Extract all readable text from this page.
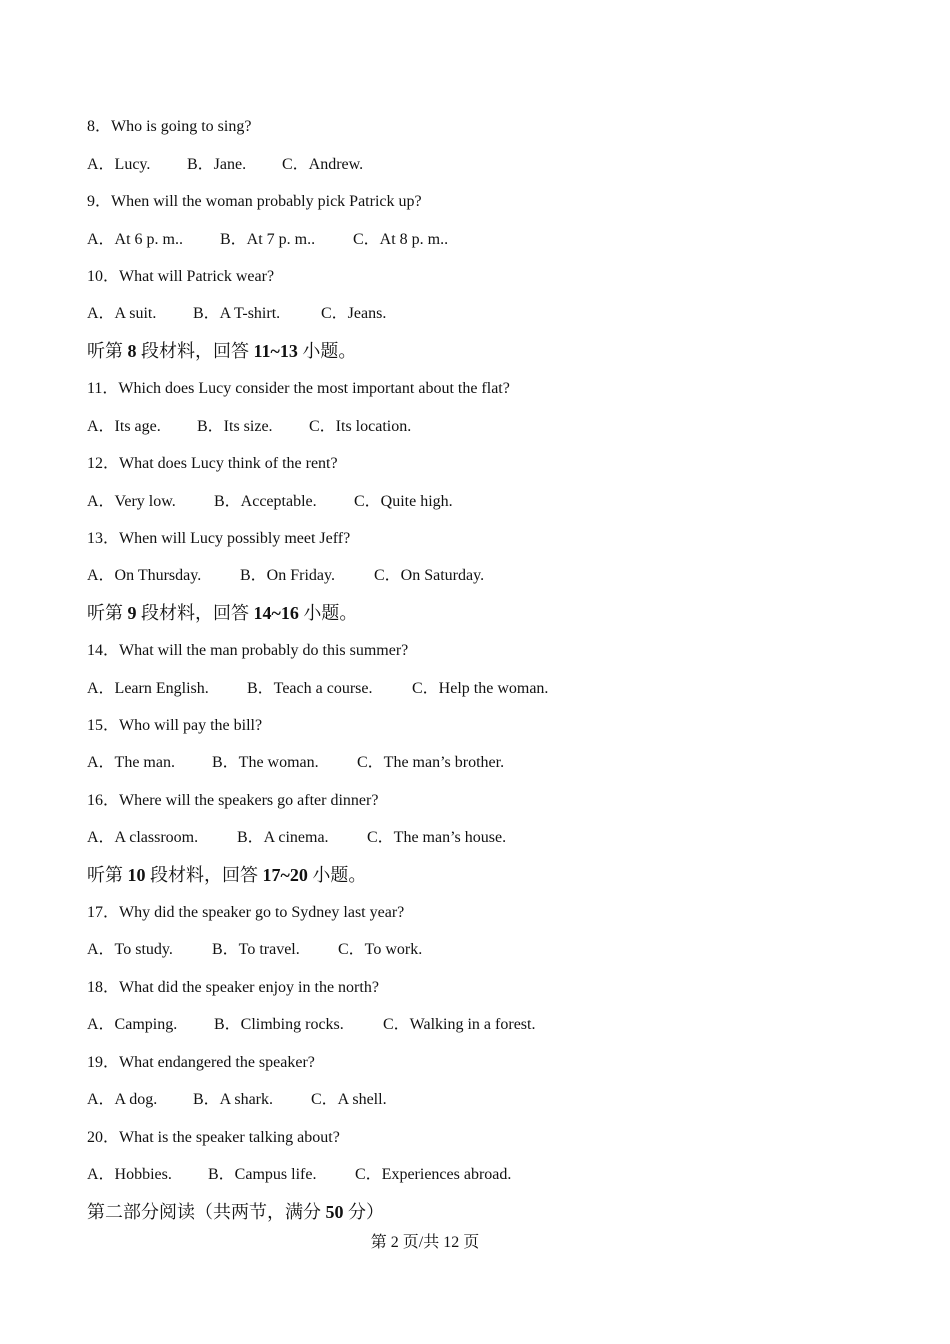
8．Who is going to sing?
A．Lucy.	B．Jane.	C．Andrew.
9．When will the woman probably pick Patrick up?
A．At 6 p. m..	B．At 7 p. m..	C．At 8 p. m..
10．What will Patrick wear?
A．A suit.	B．A T-shirt.	C．Jeans.
听第 8 段材料，回答 11~13 小题。
11．Which does Lucy consider the most important about the flat?
A．Its age.	B．Its size.	C．Its location.
12．What does Lucy think of the rent?
A．Very low.	B．Acceptable.	C．Quite high.
13．When will Lucy possibly meet Jeff?
A．On Thursday.	B．On Friday.	C．On Saturday.
听第 9 段材料，回答 14~16 小题。
14．What will the man probably do this summer?
A．Learn English.	B．Teach a course.	C．Help the woman.
15．Who will pay the bill?
A．The man.	B．The woman.	C．The man’s brother.
16．Where will the speakers go after dinner?
A．A classroom.	B．A cinema.	C．The man’s house.
听第 10 段材料，回答 17~20 小题。
17．Why did the speaker go to Sydney last year?
A．To study.	B．To travel.	C．To work.
18．What did the speaker enjoy in the north?
A．Camping.	B．Climbing rocks.	C．Walking in a forest.
19．What endangered the speaker?
A．A dog.	B．A shark.	C．A shell.
20．What is the speaker talking about?
A．Hobbies.	B．Campus life.	C．Experiences abroad.
第二部分阅读（共两节，满分 50 分）
第 2 页/共 12 页
